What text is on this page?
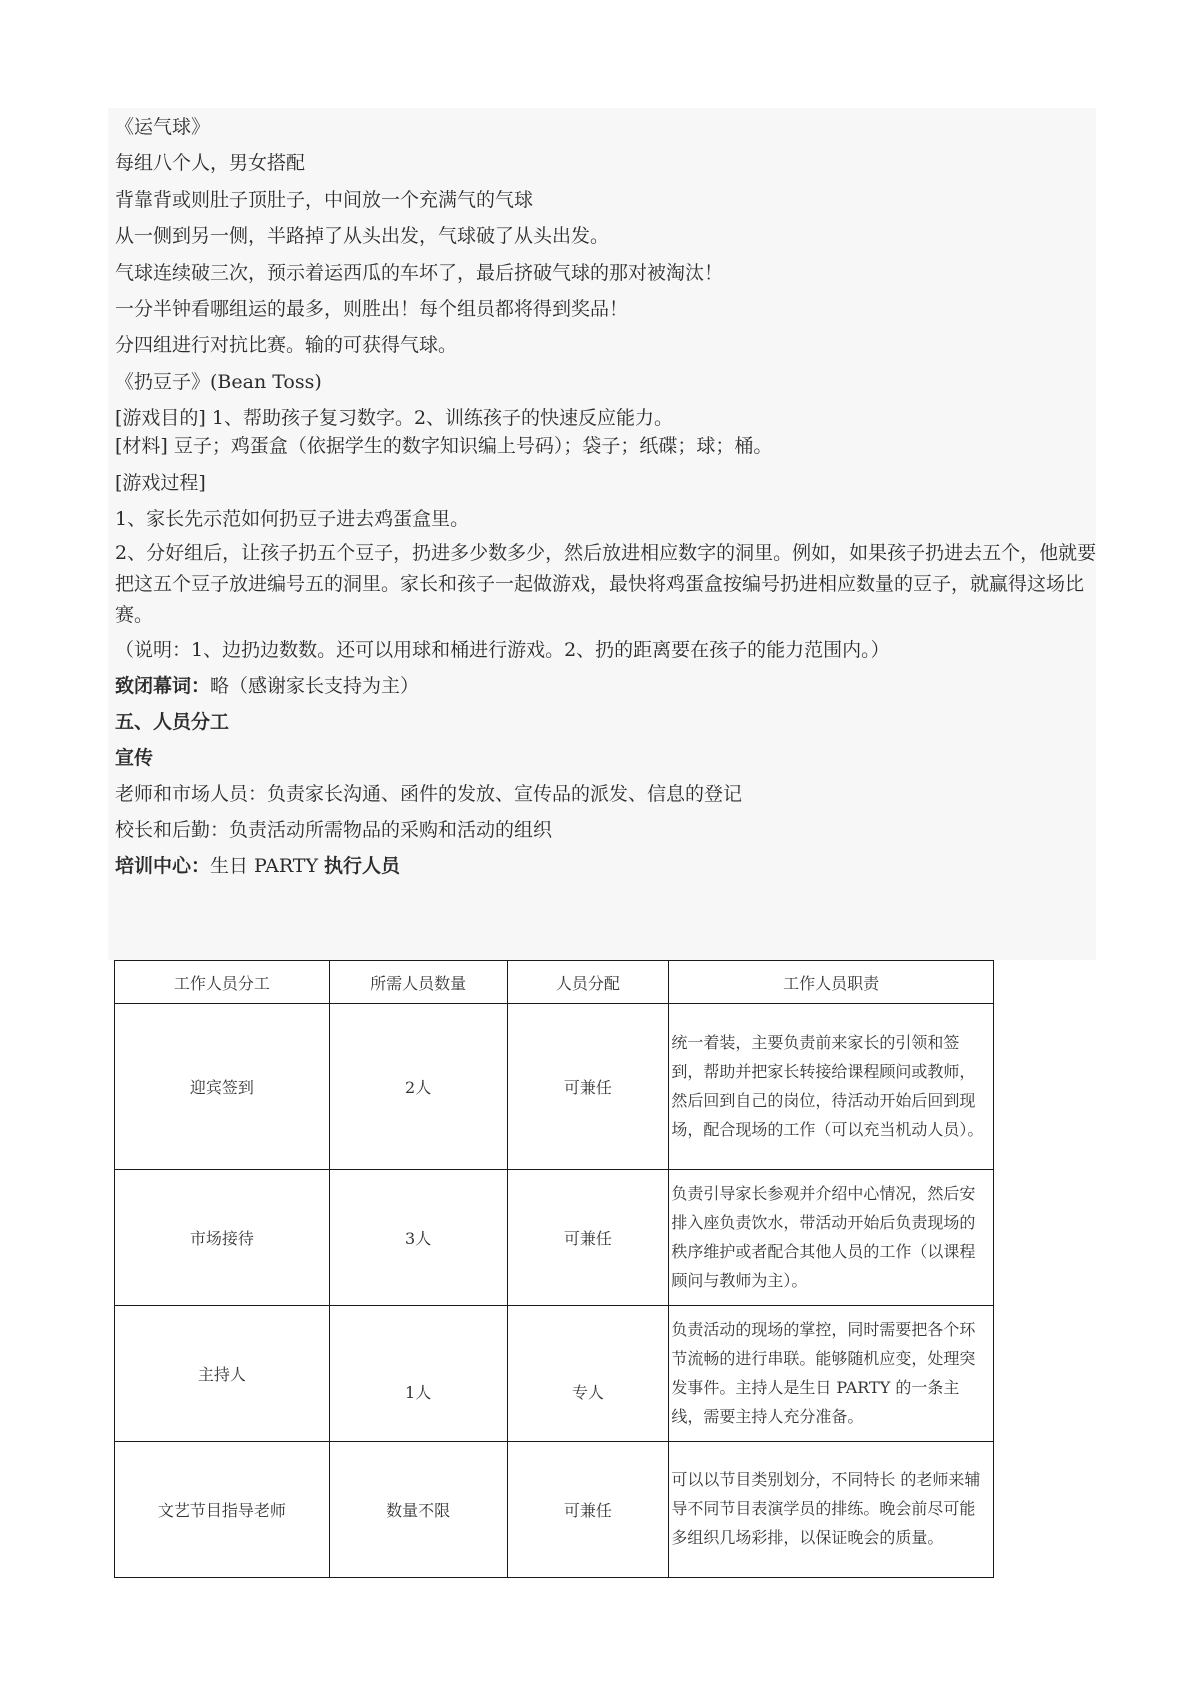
《运气球》

每组八个人，男女搭配

背靠背或则肚子顶肚子，中间放一个充满气的气球

从一侧到另一侧，半路掉了从头出发，气球破了从头出发。

气球连续破三次，预示着运西瓜的车坏了，最后挤破气球的那对被淘汰！

一分半钟看哪组运的最多，则胜出！每个组员都将得到奖品！

分四组进行对抗比赛。输的可获得气球。

《扔豆子》(Bean Toss)

[游戏目的] 1、帮助孩子复习数字。2、训练孩子的快速反应能力。

[材料] 豆子；鸡蛋盒（依据学生的数字知识编上号码）；袋子；纸碟；球；桶。

[游戏过程]

1、家长先示范如何扔豆子进去鸡蛋盒里。

2、分好组后，让孩子扔五个豆子，扔进多少数多少，然后放进相应数字的洞里。例如，如果孩子扔进去五个，他就要把这五个豆子放进编号五的洞里。家长和孩子一起做游戏，最快将鸡蛋盒按编号扔进相应数量的豆子，就赢得这场比赛。

（说明：1、边扔边数数。还可以用球和桶进行游戏。2、扔的距离要在孩子的能力范围内。）

致闭幕词：略（感谢家长支持为主）

五、人员分工

宣传

老师和市场人员：负责家长沟通、函件的发放、宣传品的派发、信息的登记

校长和后勤：负责活动所需物品的采购和活动的组织

培训中心：生日 PARTY 执行人员

工作人员分工	所需人员数量	人员分配	工作人员职责
迎宾签到	2人	可兼任	统一着装，主要负责前来家长的引领和签到，帮助并把家长转接给课程顾问或教师，然后回到自己的岗位，待活动开始后回到现场，配合现场的工作（可以充当机动人员）。
市场接待	3人	可兼任	负责引导家长参观并介绍中心情况，然后安排入座负责饮水，带活动开始后负责现场的秩序维护或者配合其他人员的工作（以课程顾问与教师为主）。
主持人	1人	专人	负责活动的现场的掌控，同时需要把各个环节流畅的进行串联。能够随机应变，处理突发事件。主持人是生日 PARTY 的一条主线，需要主持人充分准备。
文艺节目指导老师	数量不限	可兼任	可以以节目类别划分，不同特长 的老师来辅导不同节目表演学员的排练。晚会前尽可能多组织几场彩排，以保证晚会的质量。
